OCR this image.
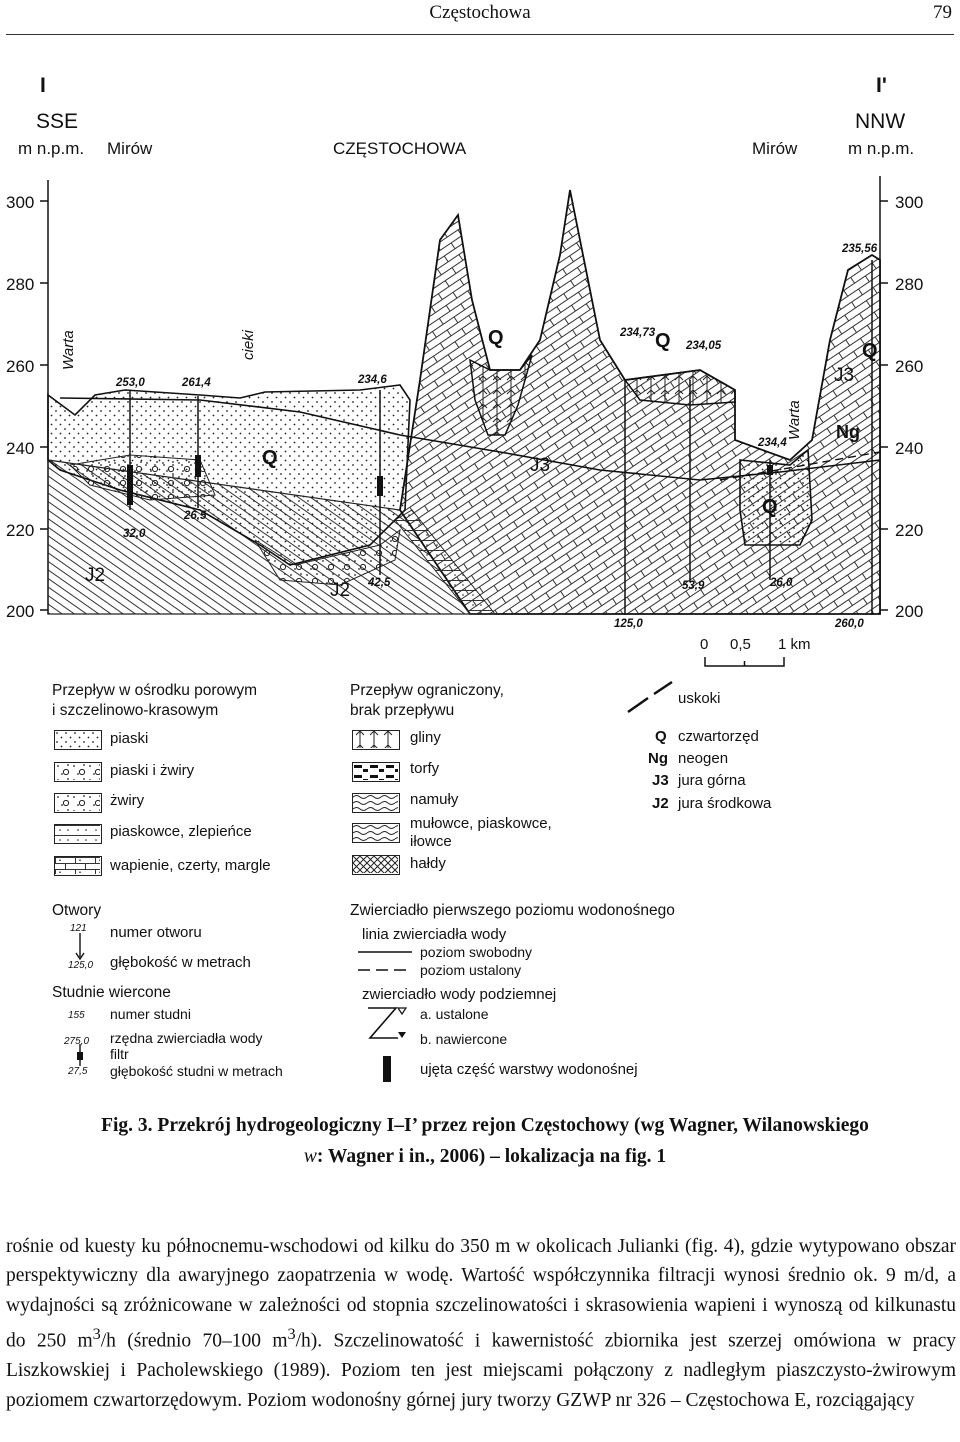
Częstochowa	79
I	I'
SSE	NNW
m n.p.m. Mirów	CZĘSTOCHOWA	Mirów	m n.p.m.
300
280
260
240
220
200
300
280
260
240
220
200
Warta	cieki
Warta
Q
Q	Q
Q
Q
J2
J2
J3
J3
Ng
253,0	261,4	234,6
234,73
234,05
234,4
235,56
32,0
26,5
42,5
125,0
53,9	26,0
260,0
0 0,5 1 km
Przepływ w ośrodku porowym
i szczelinowo-krasowym
piaski
piaski i żwiry
żwiry
piaskowce, zlepieńce
wapienie, czerty, margle
Przepływ ograniczony,
brak przepływu
gliny
torfy
namuły
mułowce, piaskowce,
iłowce
hałdy
uskoki
Q czwartorzęd
Ng neogen
J3 jura górna
J2 jura środkowa
Otwory
121
125,0
numer otworu
głębokość w metrach
Studnie wiercone
155
275,0
27,5
numer studni
rzędna zwierciadła wody
filtr
głębokość studni w metrach
Zwierciadło pierwszego poziomu wodonośnego
linia zwierciadła wody
poziom swobodny
poziom ustalony
zwierciadło wody podziemnej
a. ustalone
b. nawiercone
ujęta część warstwy wodonośnej
Fig. 3. Przekrój hydrogeologiczny I–I’ przez rejon Częstochowy (wg Wagner, Wilanowskiego
w: Wagner i in., 2006) – lokalizacja na fig. 1

rośnie od kuesty ku północnemu-wschodowi od kilku do 350 m w okolicach Julianki (fig. 4), gdzie wytypowano obszar perspektywiczny dla awaryjnego zaopatrzenia w wodę. Wartość współczynnika filtracji wynosi średnio ok. 9 m/d, a wydajności są zróżnicowane w zależności od stopnia szczelinowatości i skrasowienia wapieni i wynoszą od kilkunastu do 250 $m^3/h$ (średnio 70–100 $m^3/h$). Szczelinowatość i kawernistość zbiornika jest szerzej omówiona w pracy Liszkowskiej i Pacholewskiego (1989). Poziom ten jest miejscami połączony z nadległym piaszczysto-żwirowym poziomem czwartorzędowym. Poziom wodonośny górnej jury tworzy GZWP nr 326 – Częstochowa E, rozciągający
